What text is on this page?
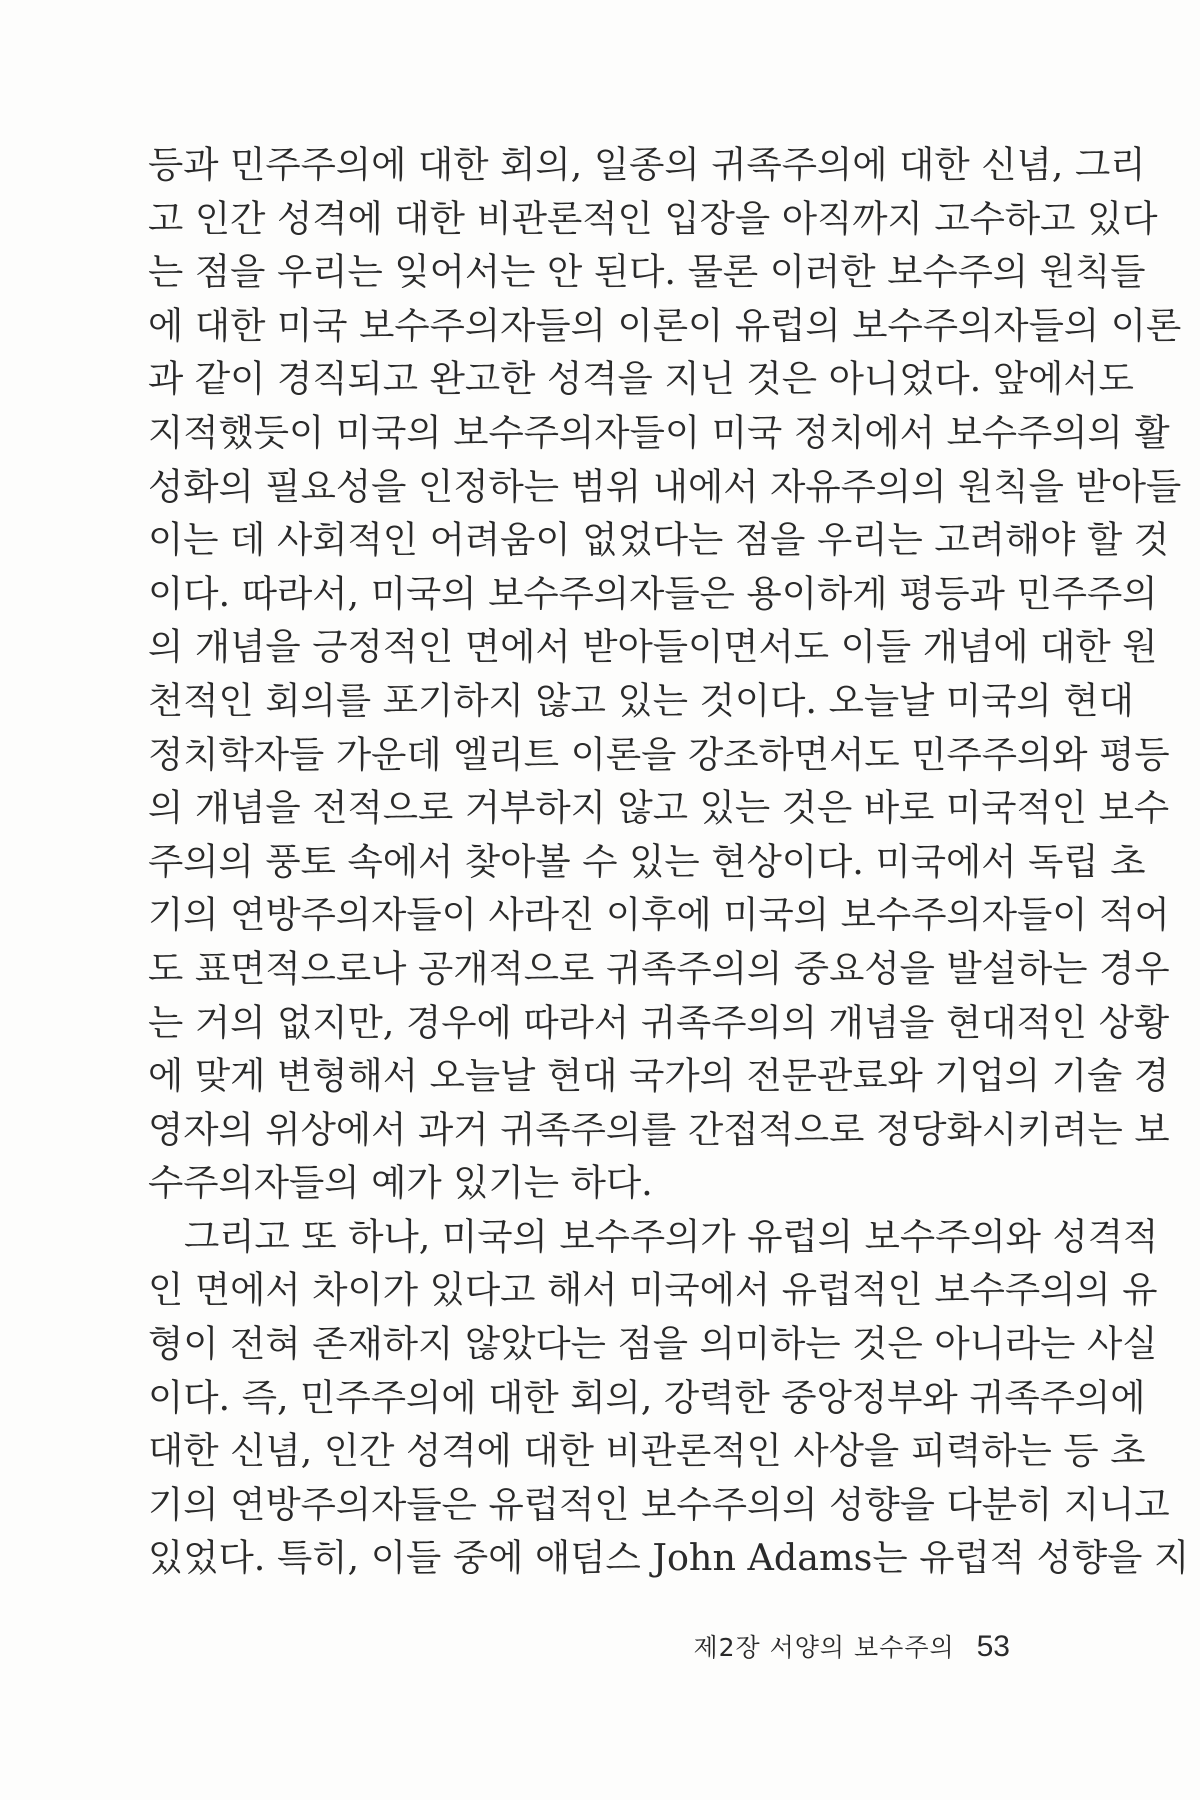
등과 민주주의에 대한 회의, 일종의 귀족주의에 대한 신념, 그리
고 인간 성격에 대한 비관론적인 입장을 아직까지 고수하고 있다
는 점을 우리는 잊어서는 안 된다. 물론 이러한 보수주의 원칙들
에 대한 미국 보수주의자들의 이론이 유럽의 보수주의자들의 이론
과 같이 경직되고 완고한 성격을 지닌 것은 아니었다. 앞에서도
지적했듯이 미국의 보수주의자들이 미국 정치에서 보수주의의 활
성화의 필요성을 인정하는 범위 내에서 자유주의의 원칙을 받아들
이는 데 사회적인 어려움이 없었다는 점을 우리는 고려해야 할 것
이다. 따라서, 미국의 보수주의자들은 용이하게 평등과 민주주의
의 개념을 긍정적인 면에서 받아들이면서도 이들 개념에 대한 원
천적인 회의를 포기하지 않고 있는 것이다. 오늘날 미국의 현대
정치학자들 가운데 엘리트 이론을 강조하면서도 민주주의와 평등
의 개념을 전적으로 거부하지 않고 있는 것은 바로 미국적인 보수
주의의 풍토 속에서 찾아볼 수 있는 현상이다. 미국에서 독립 초
기의 연방주의자들이 사라진 이후에 미국의 보수주의자들이 적어
도 표면적으로나 공개적으로 귀족주의의 중요성을 발설하는 경우
는 거의 없지만, 경우에 따라서 귀족주의의 개념을 현대적인 상황
에 맞게 변형해서 오늘날 현대 국가의 전문관료와 기업의 기술 경
영자의 위상에서 과거 귀족주의를 간접적으로 정당화시키려는 보
수주의자들의 예가 있기는 하다.
그리고 또 하나, 미국의 보수주의가 유럽의 보수주의와 성격적
인 면에서 차이가 있다고 해서 미국에서 유럽적인 보수주의의 유
형이 전혀 존재하지 않았다는 점을 의미하는 것은 아니라는 사실
이다. 즉, 민주주의에 대한 회의, 강력한 중앙정부와 귀족주의에
대한 신념, 인간 성격에 대한 비관론적인 사상을 피력하는 등 초
기의 연방주의자들은 유럽적인 보수주의의 성향을 다분히 지니고
있었다. 특히, 이들 중에 애덤스 John Adams는 유럽적 성향을 지
제2장 서양의 보수주의 53
